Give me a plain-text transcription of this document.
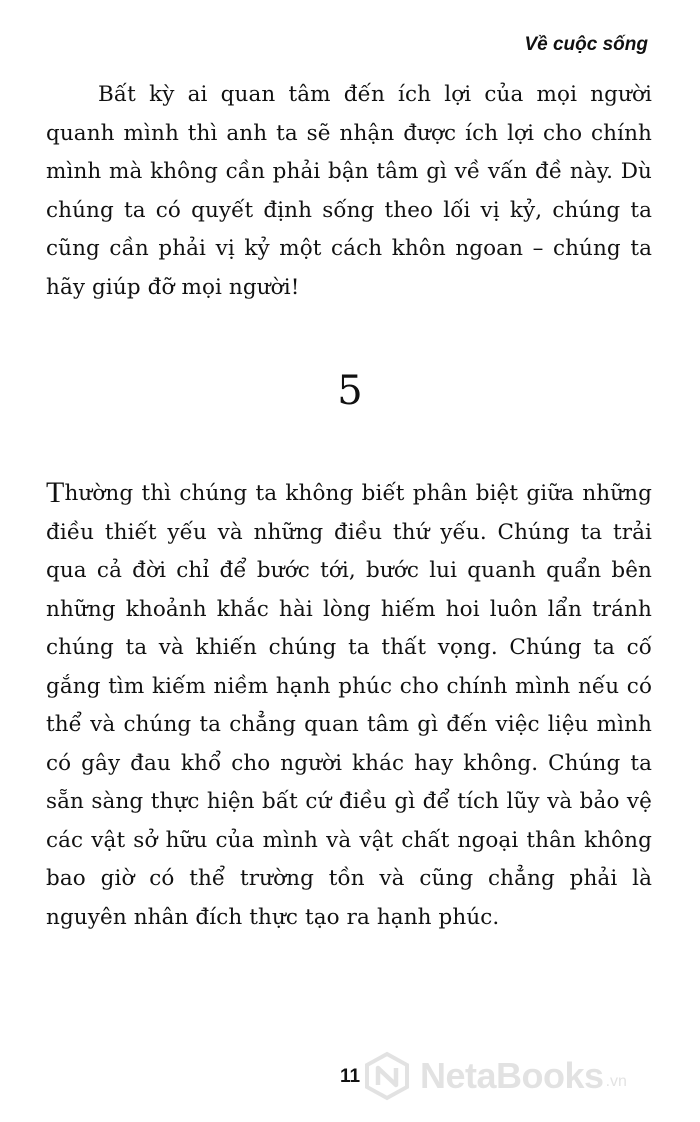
Về cuộc sống

Bất kỳ ai quan tâm đến ích lợi của mọi người quanh mình thì anh ta sẽ nhận được ích lợi cho chính mình mà không cần phải bận tâm gì về vấn đề này. Dù chúng ta có quyết định sống theo lối vị kỷ, chúng ta cũng cần phải vị kỷ một cách khôn ngoan – chúng ta hãy giúp đỡ mọi người!

5

Thường thì chúng ta không biết phân biệt giữa những điều thiết yếu và những điều thứ yếu. Chúng ta trải qua cả đời chỉ để bước tới, bước lui quanh quẩn bên những khoảnh khắc hài lòng hiếm hoi luôn lẩn tránh chúng ta và khiến chúng ta thất vọng. Chúng ta cố gắng tìm kiếm niềm hạnh phúc cho chính mình nếu có thể và chúng ta chẳng quan tâm gì đến việc liệu mình có gây đau khổ cho người khác hay không. Chúng ta sẵn sàng thực hiện bất cứ điều gì để tích lũy và bảo vệ các vật sở hữu của mình và vật chất ngoại thân không bao giờ có thể trường tồn và cũng chẳng phải là nguyên nhân đích thực tạo ra hạnh phúc.

11	NetaBooks .vn
